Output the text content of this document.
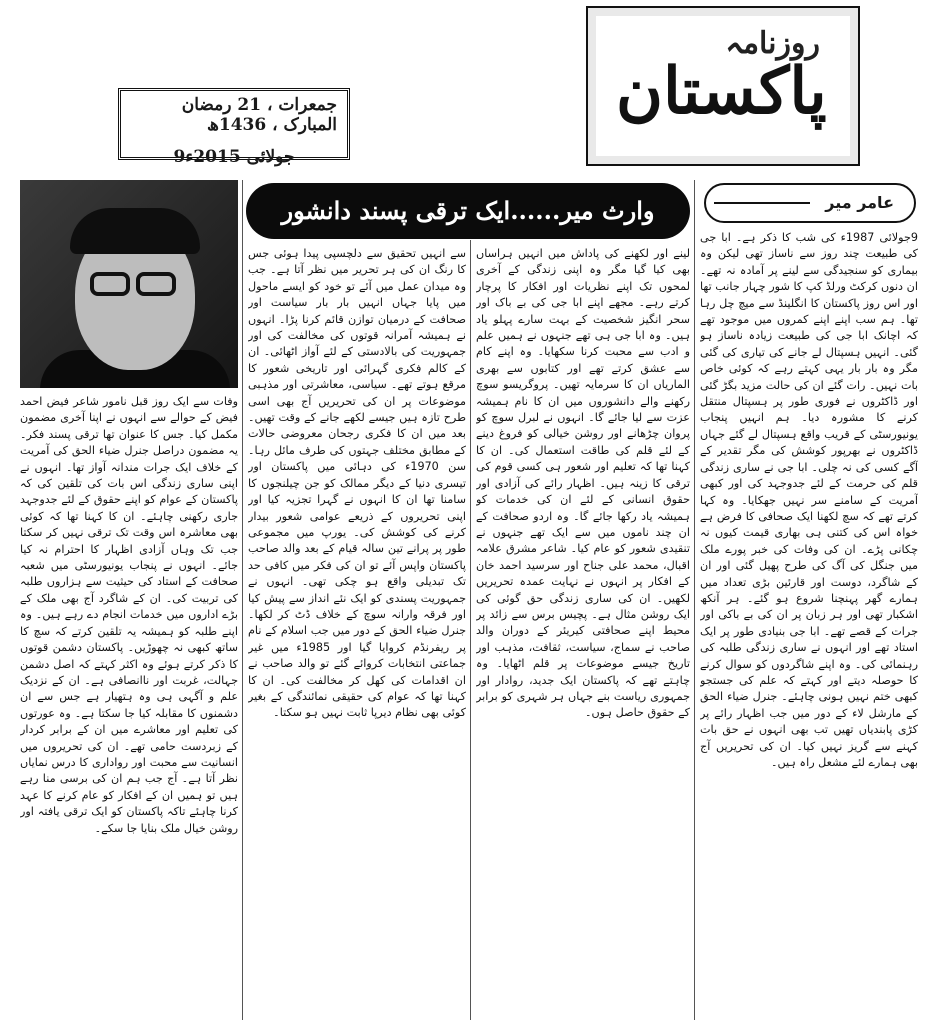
روزنامہ
پاکستان
جمعرات ، 21 رمضان المبارک ، 1436ھ
9جولائی 2015ء
وارث میر......ایک ترقی پسند دانشور	عامر میر

9جولائی 1987ء کی شب کا ذکر ہے۔ ابا جی کی طبیعت چند روز سے ناساز تھی لیکن وہ بیماری کو سنجیدگی سے لینے پر آمادہ نہ تھے۔ ان دنوں کرکٹ ورلڈ کپ کا شور چہار جانب تھا اور اس روز پاکستان کا انگلینڈ سے میچ چل رہا تھا۔ ہم سب اپنے اپنے کمروں میں موجود تھے کہ اچانک ابا جی کی طبیعت زیادہ ناساز ہو گئی۔ انہیں ہسپتال لے جانے کی تیاری کی گئی مگر وہ بار بار یہی کہتے رہے کہ کوئی خاص بات نہیں۔ رات گئے ان کی حالت مزید بگڑ گئی اور ڈاکٹروں نے فوری طور پر ہسپتال منتقل کرنے کا مشورہ دیا۔ ہم انہیں پنجاب یونیورسٹی کے قریب واقع ہسپتال لے گئے جہاں ڈاکٹروں نے بھرپور کوشش کی مگر تقدیر کے آگے کسی کی نہ چلی۔ ابا جی نے ساری زندگی قلم کی حرمت کے لئے جدوجہد کی اور کبھی آمریت کے سامنے سر نہیں جھکایا۔ وہ کہا کرتے تھے کہ سچ لکھنا ایک صحافی کا فرض ہے خواہ اس کی کتنی ہی بھاری قیمت کیوں نہ چکانی پڑے۔ ان کی وفات کی خبر پورے ملک میں جنگل کی آگ کی طرح پھیل گئی اور ان کے شاگرد، دوست اور قارئین بڑی تعداد میں ہمارے گھر پہنچنا شروع ہو گئے۔ ہر آنکھ اشکبار تھی اور ہر زبان پر ان کی بے باکی اور جرات کے قصے تھے۔ ابا جی بنیادی طور پر ایک استاد تھے اور انہوں نے ساری زندگی طلبہ کی رہنمائی کی۔ وہ اپنے شاگردوں کو سوال کرنے کا حوصلہ دیتے اور کہتے کہ علم کی جستجو کبھی ختم نہیں ہونی چاہئے۔ جنرل ضیاء الحق کے مارشل لاء کے دور میں جب اظہار رائے پر کڑی پابندیاں تھیں تب بھی انہوں نے حق بات کہنے سے گریز نہیں کیا۔ ان کی تحریریں آج بھی ہمارے لئے مشعل راہ ہیں۔

لینے اور لکھنے کی پاداش میں انہیں ہراساں بھی کیا گیا مگر وہ اپنی زندگی کے آخری لمحوں تک اپنے نظریات اور افکار کا پرچار کرتے رہے۔ مجھے اپنے ابا جی کی بے باک اور سحر انگیز شخصیت کے بہت سارے پہلو یاد ہیں۔ وہ ابا جی ہی تھے جنہوں نے ہمیں علم و ادب سے محبت کرنا سکھایا۔ وہ اپنے کام سے عشق کرتے تھے اور کتابوں سے بھری الماریاں ان کا سرمایہ تھیں۔ پروگریسو سوچ رکھنے والے دانشوروں میں ان کا نام ہمیشہ عزت سے لیا جائے گا۔ انہوں نے لبرل سوچ کو پروان چڑھانے اور روشن خیالی کو فروغ دینے کے لئے قلم کی طاقت استعمال کی۔ ان کا کہنا تھا کہ تعلیم اور شعور ہی کسی قوم کی ترقی کا زینہ ہیں۔ اظہار رائے کی آزادی اور حقوق انسانی کے لئے ان کی خدمات کو ہمیشہ یاد رکھا جائے گا۔ وہ اردو صحافت کے ان چند ناموں میں سے ایک تھے جنہوں نے تنقیدی شعور کو عام کیا۔ شاعر مشرق علامہ اقبال، محمد علی جناح اور سرسید احمد خان کے افکار پر انہوں نے نہایت عمدہ تحریریں لکھیں۔ ان کی ساری زندگی حق گوئی کی ایک روشن مثال ہے۔ پچیس برس سے زائد پر محیط اپنے صحافتی کیریئر کے دوران والد صاحب نے سماج، سیاست، ثقافت، مذہب اور تاریخ جیسے موضوعات پر قلم اٹھایا۔ وہ چاہتے تھے کہ پاکستان ایک جدید، روادار اور جمہوری ریاست بنے جہاں ہر شہری کو برابر کے حقوق حاصل ہوں۔

سے انہیں تحقیق سے دلچسپی پیدا ہوئی جس کا رنگ ان کی ہر تحریر میں نظر آتا ہے۔ جب وہ میدان عمل میں آئے تو خود کو ایسے ماحول میں پایا جہاں انہیں بار بار سیاست اور صحافت کے درمیان توازن قائم کرنا پڑا۔ انہوں نے ہمیشہ آمرانہ قوتوں کی مخالفت کی اور جمہوریت کی بالادستی کے لئے آواز اٹھائی۔ ان کے کالم فکری گہرائی اور تاریخی شعور کا مرقع ہوتے تھے۔ سیاسی، معاشرتی اور مذہبی موضوعات پر ان کی تحریریں آج بھی اسی طرح تازہ ہیں جیسے لکھے جانے کے وقت تھیں۔ بعد میں ان کا فکری رجحان معروضی حالات کے مطابق مختلف جہتوں کی طرف مائل رہا۔ سن 1970ء کی دہائی میں پاکستان اور تیسری دنیا کے دیگر ممالک کو جن چیلنجوں کا سامنا تھا ان کا انہوں نے گہرا تجزیہ کیا اور اپنی تحریروں کے ذریعے عوامی شعور بیدار کرنے کی کوشش کی۔ یورپ میں مجموعی طور پر پرانے تین سالہ قیام کے بعد والد صاحب پاکستان واپس آئے تو ان کی فکر میں کافی حد تک تبدیلی واقع ہو چکی تھی۔ انہوں نے جمہوریت پسندی کو ایک نئے انداز سے پیش کیا اور فرقہ وارانہ سوچ کے خلاف ڈٹ کر لکھا۔ جنرل ضیاء الحق کے دور میں جب اسلام کے نام پر ریفرنڈم کروایا گیا اور 1985ء میں غیر جماعتی انتخابات کروائے گئے تو والد صاحب نے ان اقدامات کی کھل کر مخالفت کی۔ ان کا کہنا تھا کہ عوام کی حقیقی نمائندگی کے بغیر کوئی بھی نظام دیرپا ثابت نہیں ہو سکتا۔

وفات سے ایک روز قبل نامور شاعر فیض احمد فیض کے حوالے سے انہوں نے اپنا آخری مضمون مکمل کیا۔ جس کا عنوان تھا ترقی پسند فکر۔ یہ مضمون دراصل جنرل ضیاء الحق کی آمریت کے خلاف ایک جرات مندانہ آواز تھا۔ انہوں نے اپنی ساری زندگی اس بات کی تلقین کی کہ پاکستان کے عوام کو اپنے حقوق کے لئے جدوجہد جاری رکھنی چاہئے۔ ان کا کہنا تھا کہ کوئی بھی معاشرہ اس وقت تک ترقی نہیں کر سکتا جب تک وہاں آزادی اظہار کا احترام نہ کیا جائے۔ انہوں نے پنجاب یونیورسٹی میں شعبہ صحافت کے استاد کی حیثیت سے ہزاروں طلبہ کی تربیت کی۔ ان کے شاگرد آج بھی ملک کے بڑے اداروں میں خدمات انجام دے رہے ہیں۔ وہ اپنے طلبہ کو ہمیشہ یہ تلقین کرتے کہ سچ کا ساتھ کبھی نہ چھوڑیں۔ پاکستان دشمن قوتوں کا ذکر کرتے ہوئے وہ اکثر کہتے کہ اصل دشمن جہالت، غربت اور ناانصافی ہے۔ ان کے نزدیک علم و آگہی ہی وہ ہتھیار ہے جس سے ان دشمنوں کا مقابلہ کیا جا سکتا ہے۔ وہ عورتوں کی تعلیم اور معاشرے میں ان کے برابر کردار کے زبردست حامی تھے۔ ان کی تحریروں میں انسانیت سے محبت اور رواداری کا درس نمایاں نظر آتا ہے۔ آج جب ہم ان کی برسی منا رہے ہیں تو ہمیں ان کے افکار کو عام کرنے کا عہد کرنا چاہئے تاکہ پاکستان کو ایک ترقی یافتہ اور روشن خیال ملک بنایا جا سکے۔
